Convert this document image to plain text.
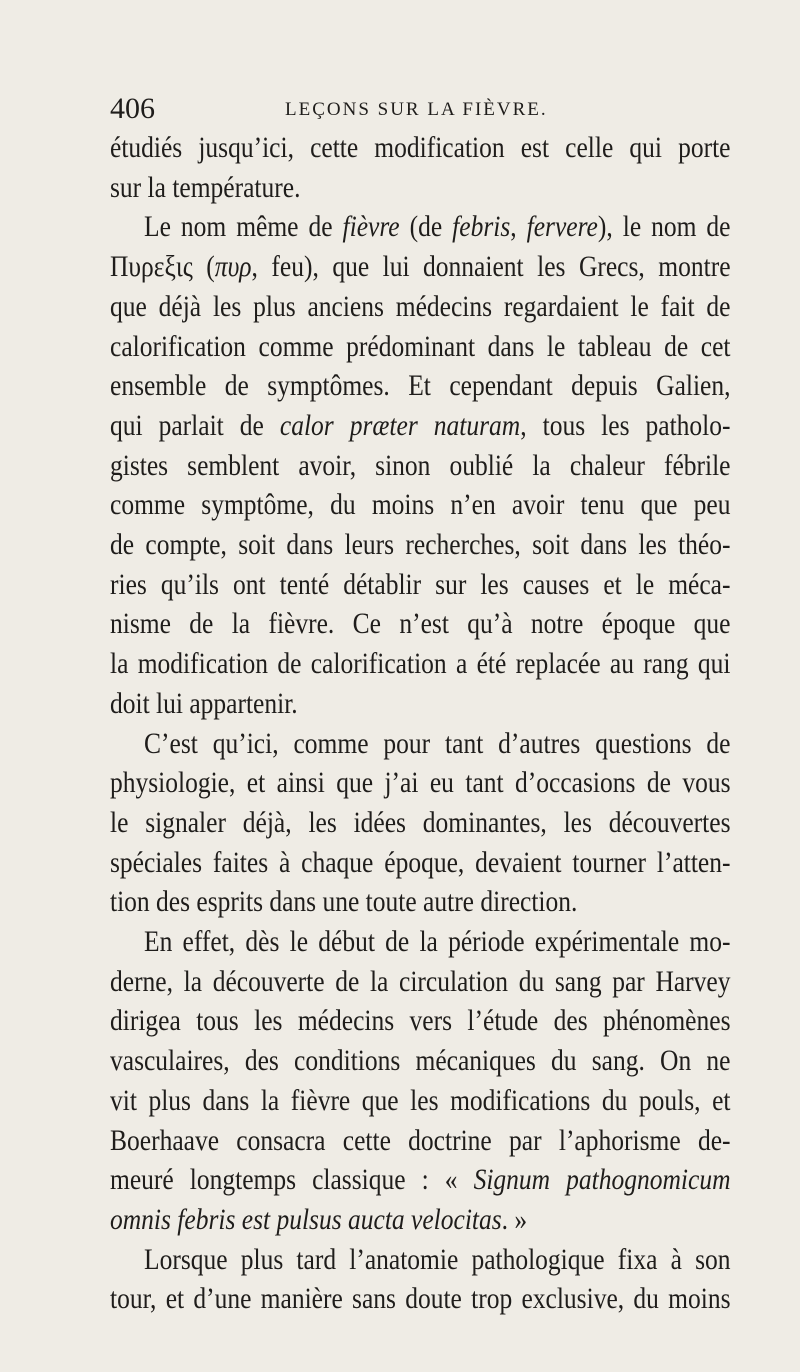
406	LEÇONS SUR LA FIÈVRE.
étudiés jusqu’ici, cette modification est celle qui porte
sur la température.
Le nom même de fièvre (de febris, fervere), le nom de
Πυρεξις (πυρ, feu), que lui donnaient les Grecs, montre
que déjà les plus anciens médecins regardaient le fait de
calorification comme prédominant dans le tableau de cet
ensemble de symptômes. Et cependant depuis Galien,
qui parlait de calor præter naturam, tous les patholo-
gistes semblent avoir, sinon oublié la chaleur fébrile
comme symptôme, du moins n’en avoir tenu que peu
de compte, soit dans leurs recherches, soit dans les théo-
ries qu’ils ont tenté détablir sur les causes et le méca-
nisme de la fièvre. Ce n’est qu’à notre époque que
la modification de calorification a été replacée au rang qui
doit lui appartenir.
C’est qu’ici, comme pour tant d’autres questions de
physiologie, et ainsi que j’ai eu tant d’occasions de vous
le signaler déjà, les idées dominantes, les découvertes
spéciales faites à chaque époque, devaient tourner l’atten-
tion des esprits dans une toute autre direction.
En effet, dès le début de la période expérimentale mo-
derne, la découverte de la circulation du sang par Harvey
dirigea tous les médecins vers l’étude des phénomènes
vasculaires, des conditions mécaniques du sang. On ne
vit plus dans la fièvre que les modifications du pouls, et
Boerhaave consacra cette doctrine par l’aphorisme de-
meuré longtemps classique : « Signum pathognomicum
omnis febris est pulsus aucta velocitas. »
Lorsque plus tard l’anatomie pathologique fixa à son
tour, et d’une manière sans doute trop exclusive, du moins
